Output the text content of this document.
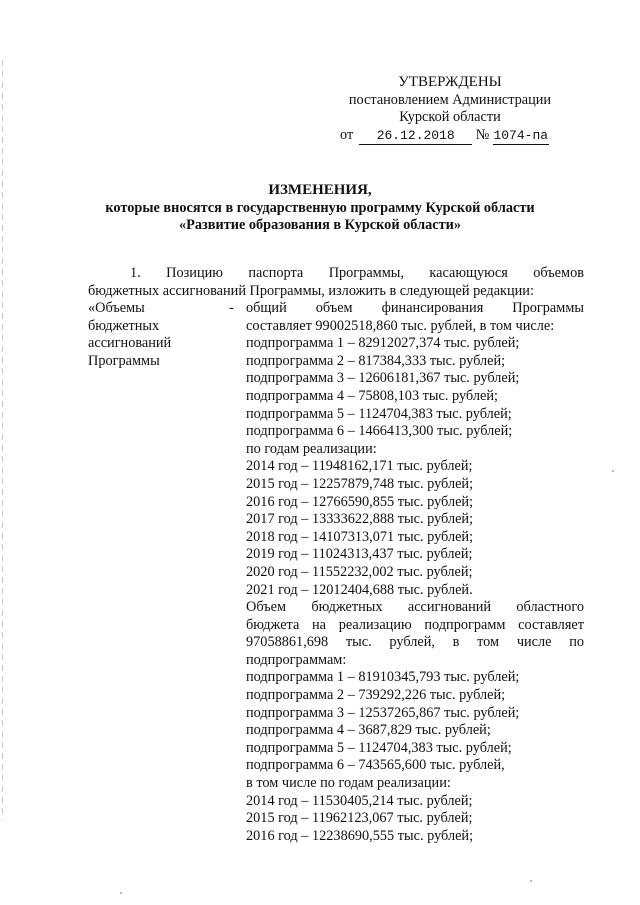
УТВЕРЖДЕНЫ
постановлением Администрации
Курской области
от 26.12.2018 № 1074-па
ИЗМЕНЕНИЯ,
которые вносятся в государственную программу Курской области
«Развитие образования в Курской области»
1. Позицию паспорта Программы, касающуюся объемов
бюджетных ассигнований Программы, изложить в следующей редакции:
«Объемы
бюджетных
ассигнований
Программы
- общий объем финансирования Программы
составляет 99002518,860 тыс. рублей, в том числе:
подпрограмма 1 – 82912027,374 тыс. рублей;
подпрограмма 2 – 817384,333 тыс. рублей;
подпрограмма 3 – 12606181,367 тыс. рублей;
подпрограмма 4 – 75808,103 тыс. рублей;
подпрограмма 5 – 1124704,383 тыс. рублей;
подпрограмма 6 – 1466413,300 тыс. рублей;
по годам реализации:
2014 год – 11948162,171 тыс. рублей;
2015 год – 12257879,748 тыс. рублей;
2016 год – 12766590,855 тыс. рублей;
2017 год – 13333622,888 тыс. рублей;
2018 год – 14107313,071 тыс. рублей;
2019 год – 11024313,437 тыс. рублей;
2020 год – 11552232,002 тыс. рублей;
2021 год – 12012404,688 тыс. рублей.
Объем бюджетных ассигнований областного
бюджета на реализацию подпрограмм составляет
97058861,698 тыс. рублей, в том числе по
подпрограммам:
подпрограмма 1 – 81910345,793 тыс. рублей;
подпрограмма 2 – 739292,226 тыс. рублей;
подпрограмма 3 – 12537265,867 тыс. рублей;
подпрограмма 4 – 3687,829 тыс. рублей;
подпрограмма 5 – 1124704,383 тыс. рублей;
подпрограмма 6 – 743565,600 тыс. рублей,
в том числе по годам реализации:
2014 год – 11530405,214 тыс. рублей;
2015 год – 11962123,067 тыс. рублей;
2016 год – 12238690,555 тыс. рублей;
